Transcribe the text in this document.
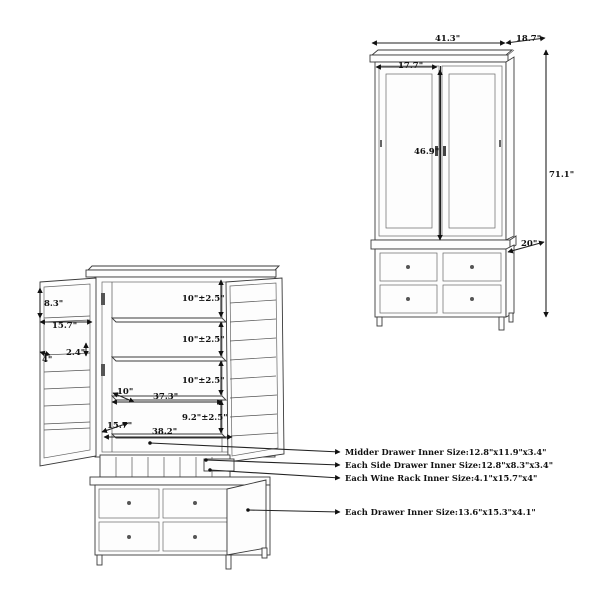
41.3"	18.7"
17.7"
46.9"
71.1"
20"
8.3"
15.7"
2.4"
4"
10"±2.5"
10"±2.5"
10"±2.5"
9.2"±2.5"
10" 37.3"
15.7"
38.2"
Midder Drawer Inner Size:12.8"x11.9"x3.4"
Each Side Drawer Inner Size:12.8"x8.3"x3.4"
Each Wine Rack Inner Size:4.1"x15.7"x4"
Each Drawer Inner Size:13.6"x15.3"x4.1"
